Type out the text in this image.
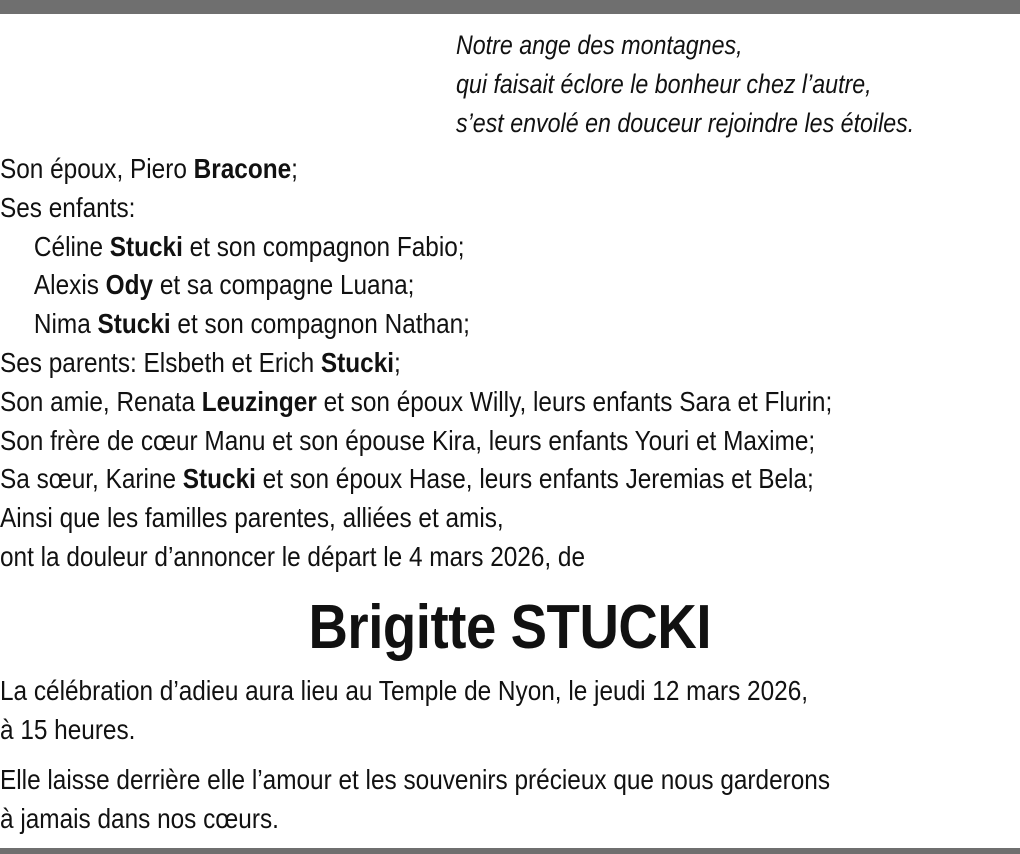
Notre ange des montagnes,
qui faisait éclore le bonheur chez l’autre,
s’est envolé en douceur rejoindre les étoiles.
Son époux, Piero Bracone;
Ses enfants:
Céline Stucki et son compagnon Fabio;
Alexis Ody et sa compagne Luana;
Nima Stucki et son compagnon Nathan;
Ses parents: Elsbeth et Erich Stucki;
Son amie, Renata Leuzinger et son époux Willy, leurs enfants Sara et Flurin;
Son frère de cœur Manu et son épouse Kira, leurs enfants Youri et Maxime;
Sa sœur, Karine Stucki et son époux Hase, leurs enfants Jeremias et Bela;
Ainsi que les familles parentes, alliées et amis,
ont la douleur d’annoncer le départ le 4 mars 2026, de
Brigitte STUCKI
La célébration d’adieu aura lieu au Temple de Nyon, le jeudi 12 mars 2026,
à 15 heures.
Elle laisse derrière elle l’amour et les souvenirs précieux que nous garderons
à jamais dans nos cœurs.
